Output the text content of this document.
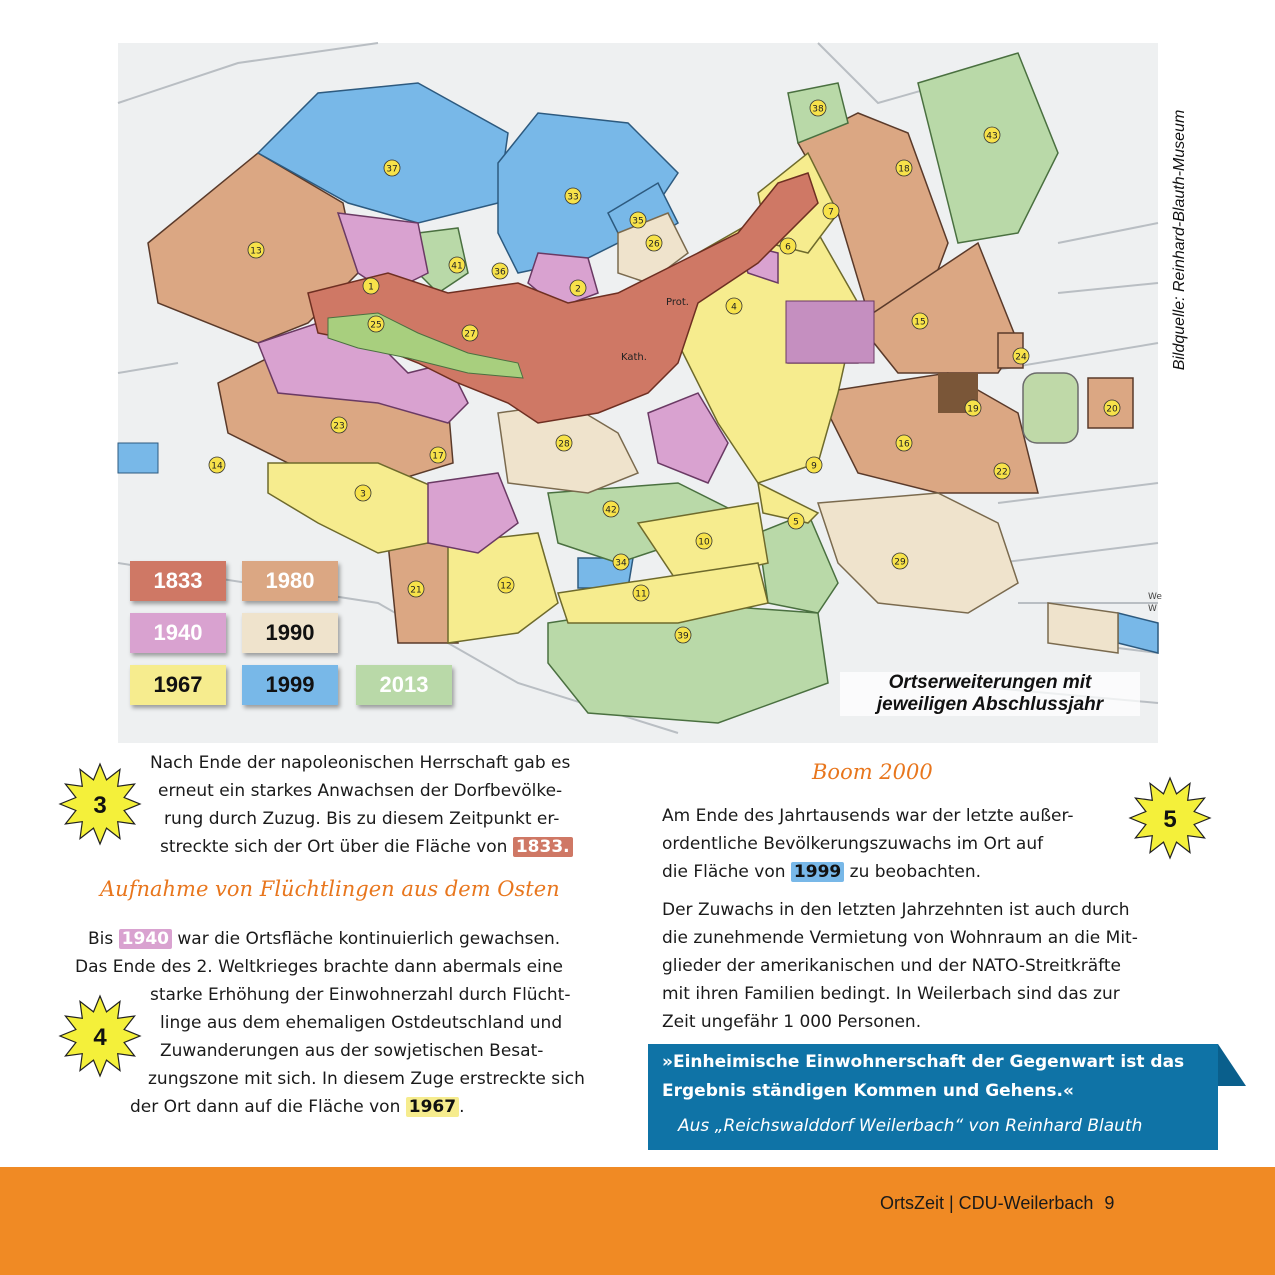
1	2
3
4
5
6
7
9
10
11
12
13
14
15
16
17
18
19	20
21
22
23
24
25
26
27
28
29
33
34
35
36
37
38
39
41
42
43
Prot.
Kath.
We
W
1833	1980
1940	1990
1967	1999	2013	Ortserweiterungen mit
jeweiligen Abschlussjahr
Bildquelle: Reinhard-Blauth-Museum
3
4
5
Nach Ende der napoleonischen Herrschaft gab es
erneut ein starkes Anwachsen der Dorfbevölke-
rung durch Zuzug. Bis zu diesem Zeitpunkt er-
streckte sich der Ort über die Fläche von 1833.
Aufnahme von Flüchtlingen aus dem Osten
Bis 1940 war die Ortsfläche kontinuierlich gewachsen.
Das Ende des 2. Weltkrieges brachte dann abermals eine
starke Erhöhung der Einwohnerzahl durch Flücht-
linge aus dem ehemaligen Ostdeutschland und
Zuwanderungen aus der sowjetischen Besat-
zungszone mit sich. In diesem Zuge erstreckte sich
der Ort dann auf die Fläche von 1967 .
Boom 2000
Am Ende des Jahrtausends war der letzte außer-
ordentliche Bevölkerungszuwachs im Ort auf
die Fläche von 1999 zu beobachten.
Der Zuwachs in den letzten Jahrzehnten ist auch durch
die zunehmende Vermietung von Wohnraum an die Mit-
glieder der amerikanischen und der NATO-Streitkräfte
mit ihren Familien bedingt. In Weilerbach sind das zur
Zeit ungefähr 1 000 Personen.
»Einheimische Einwohnerschaft der Gegenwart ist das
Ergebnis ständigen Kommen und Gehens.«
Aus „Reichswalddorf Weilerbach“ von Reinhard Blauth
OrtsZeit | CDU-Weilerbach 9
